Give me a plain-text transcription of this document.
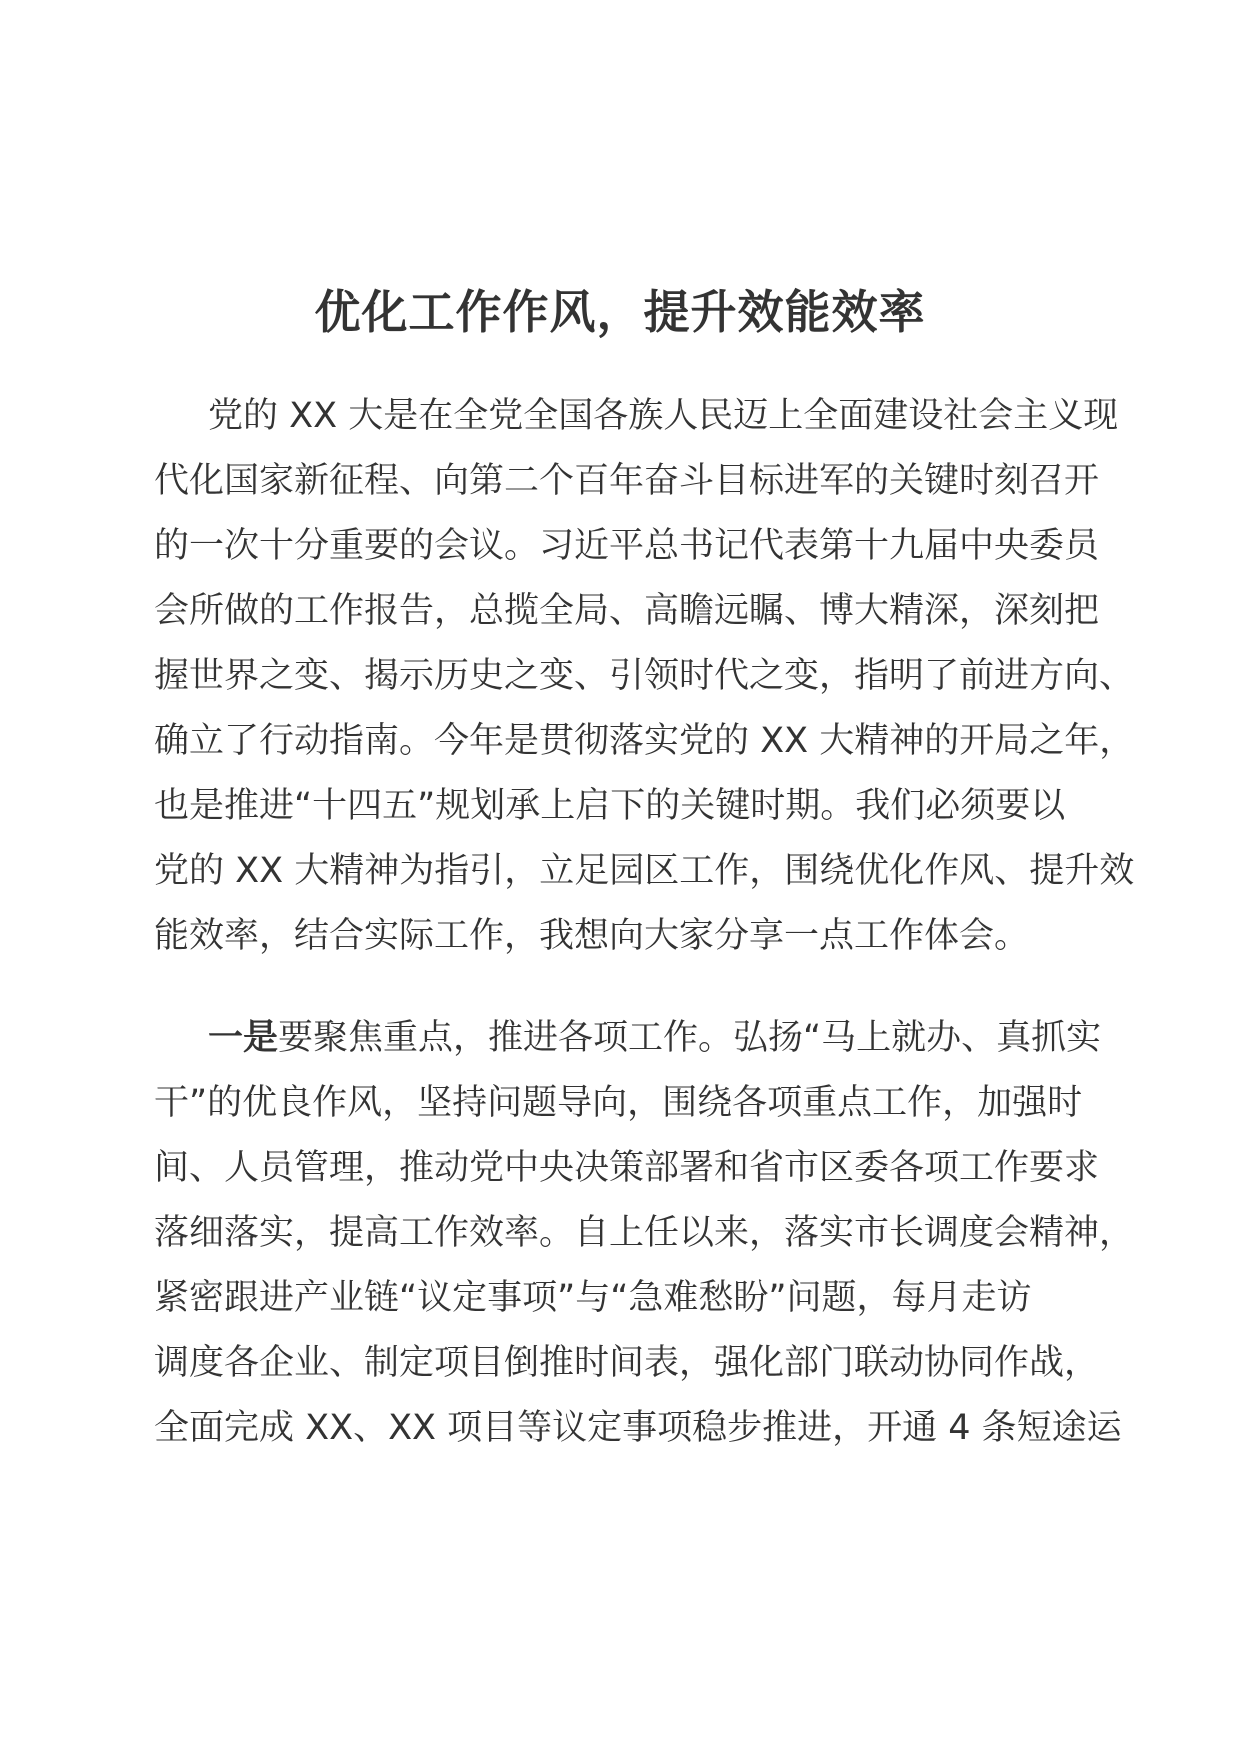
优化工作作风，提升效能效率
党的 XX 大是在全党全国各族人民迈上全面建设社会主义现
代化国家新征程、向第二个百年奋斗目标进军的关键时刻召开
的一次十分重要的会议。习近平总书记代表第十九届中央委员
会所做的工作报告，总揽全局、高瞻远瞩、博大精深，深刻把
握世界之变、揭示历史之变、引领时代之变，指明了前进方向、
确立了行动指南。今年是贯彻落实党的 XX 大精神的开局之年，
也是推进“十四五”规划承上启下的关键时期。我们必须要以
党的 XX 大精神为指引，立足园区工作，围绕优化作风、提升效
能效率，结合实际工作，我想向大家分享一点工作体会。
一是要聚焦重点，推进各项工作。弘扬“马上就办、真抓实
干”的优良作风，坚持问题导向，围绕各项重点工作，加强时
间、人员管理，推动党中央决策部署和省市区委各项工作要求
落细落实，提高工作效率。自上任以来，落实市长调度会精神，
紧密跟进产业链“议定事项”与“急难愁盼”问题，每月走访
调度各企业、制定项目倒推时间表，强化部门联动协同作战，
全面完成 XX、XX 项目等议定事项稳步推进，开通 4 条短途运
